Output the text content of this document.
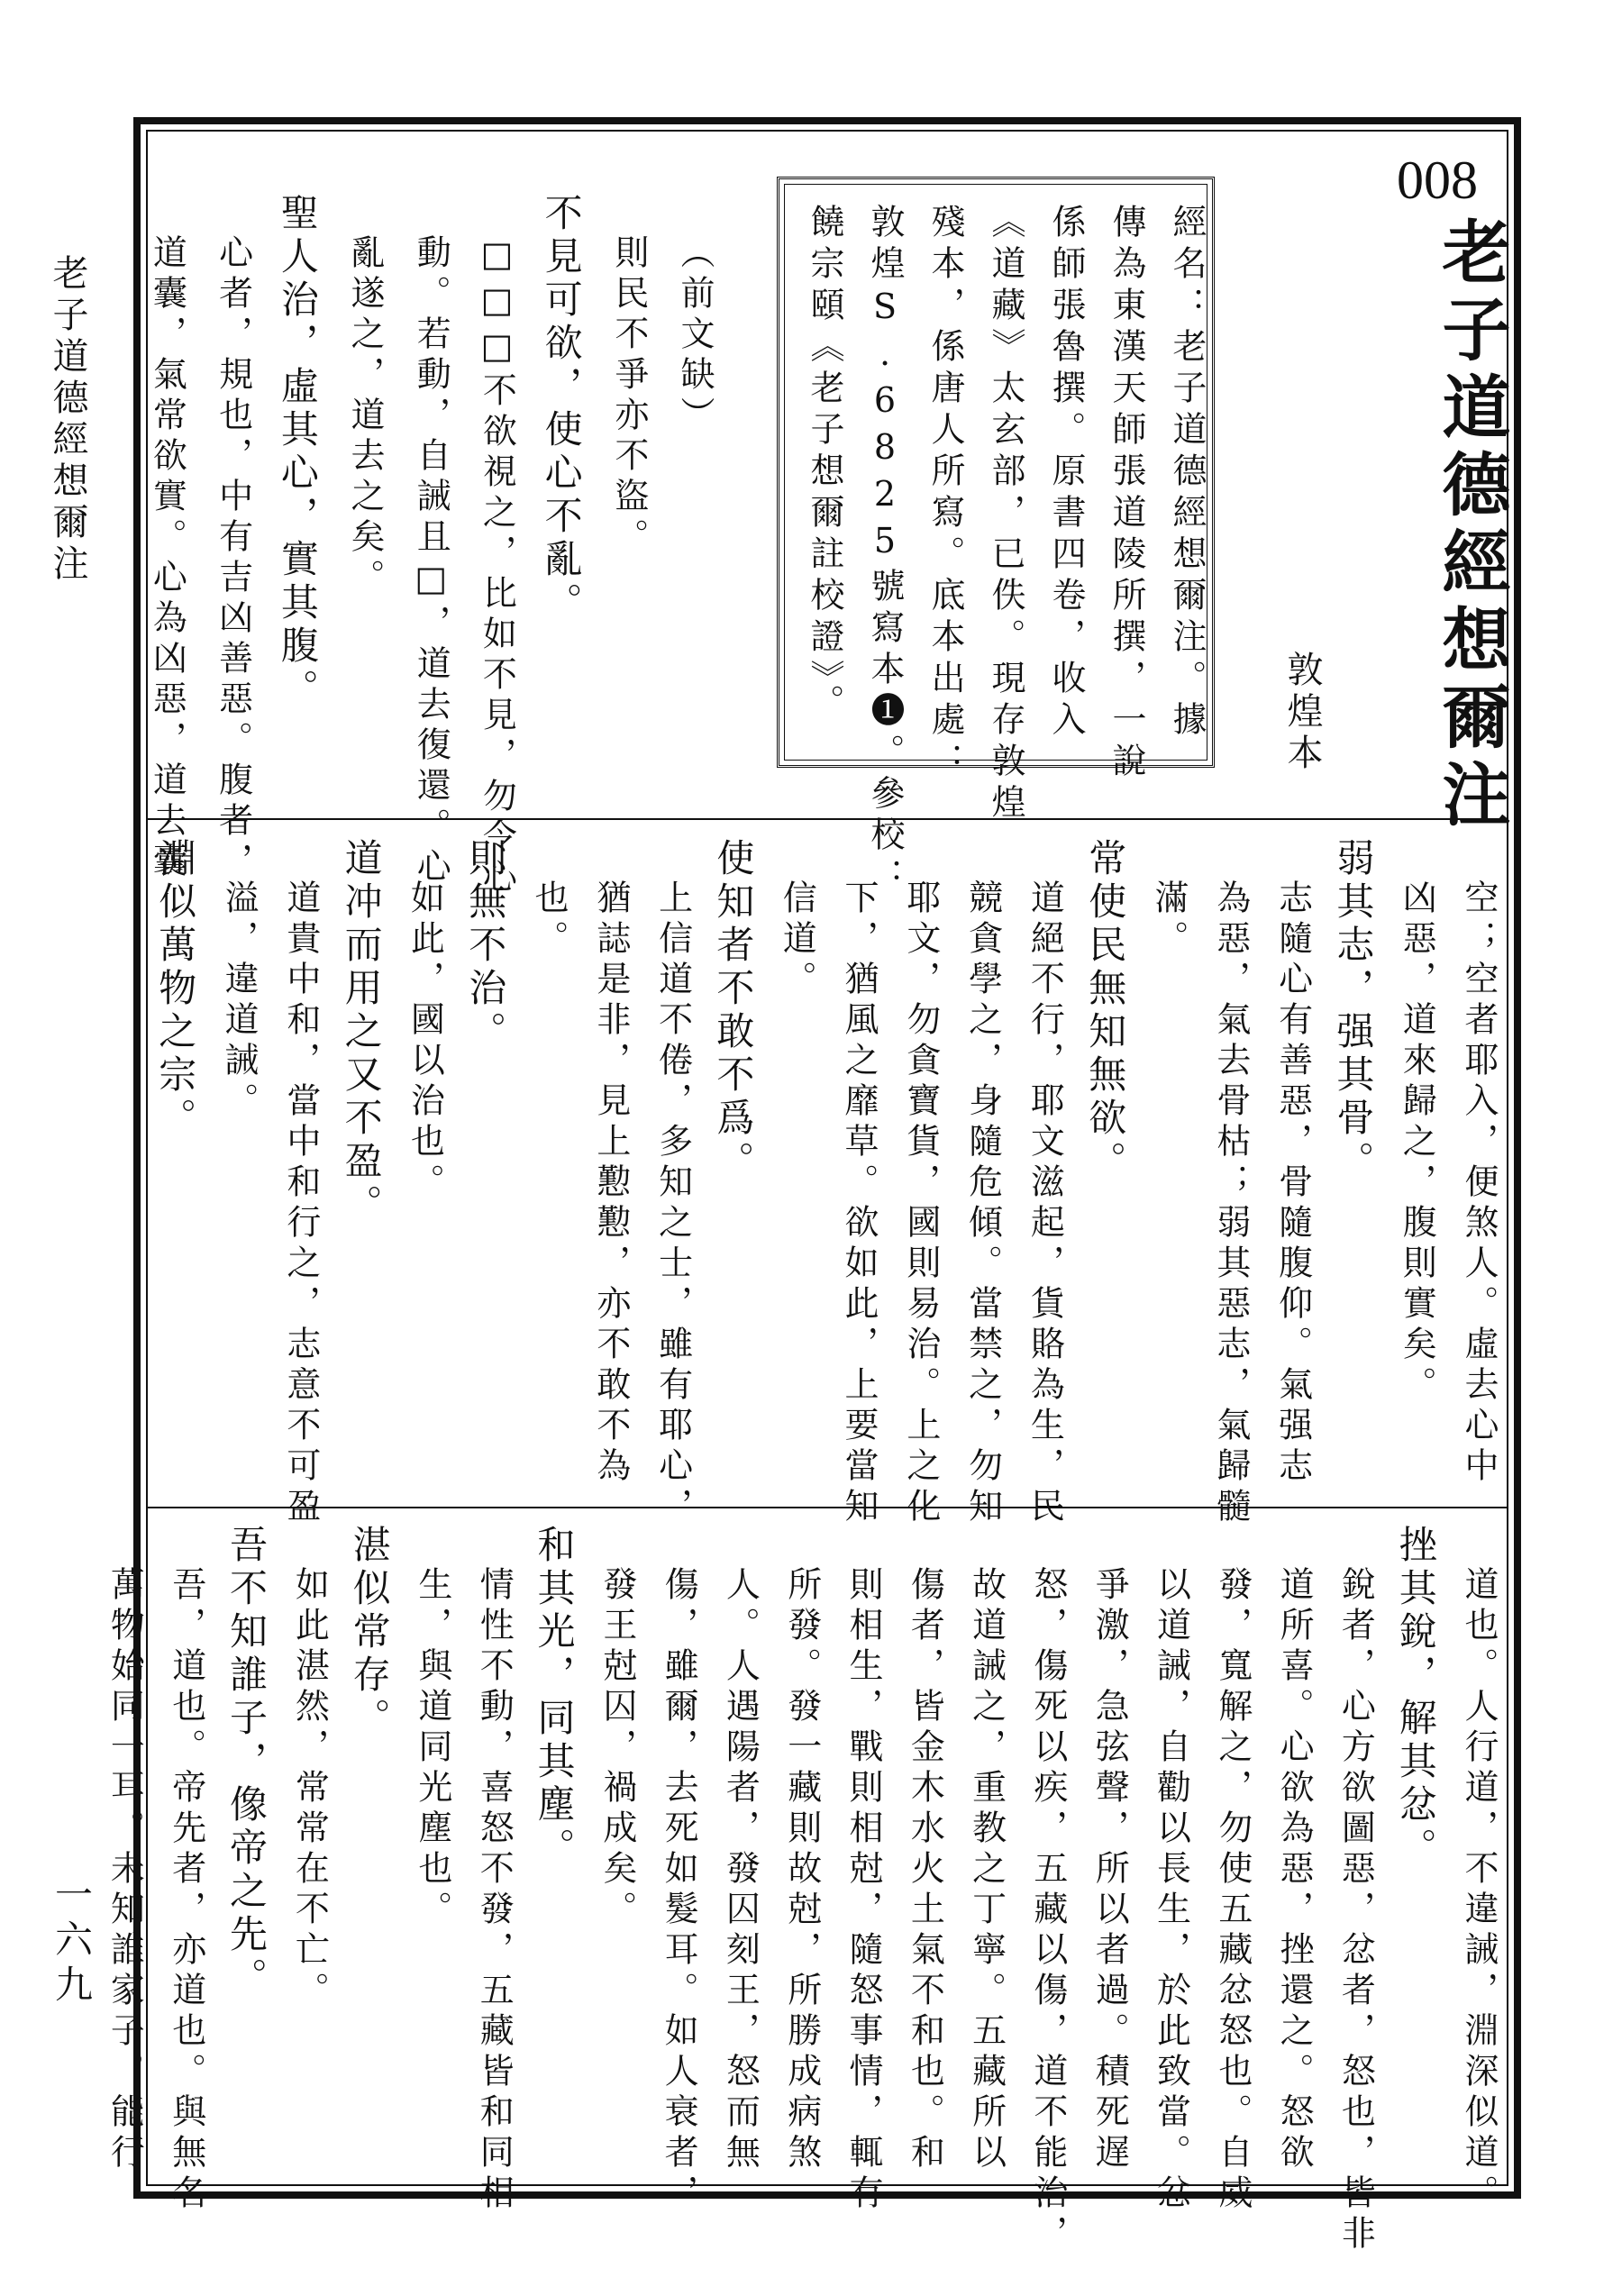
老子道德經想爾注
一六九
008
老子道德經想爾注
敦煌本
經名：老子道德經想爾注。據
傳為東漢天師張道陵所撰，一說
係師張魯撰。原書四卷，收入
《道藏》太玄部，已佚。現存敦煌
殘本，係唐人所寫。底本出處：
敦煌S.6825號寫本❶。參校：
饒宗頤《老子想爾註校證》。
（前文缺）
則民不爭亦不盜。
不見可欲，使心不亂。
□□□不欲視之，比如不見，勿令心
動。若動，自誡且□，道去復還。心
亂遂之，道去之矣。
聖人治，虛其心，實其腹。
心者，規也，中有吉凶善惡。腹者，
道囊，氣常欲實。心為凶惡，道去囊
空；空者耶入，便煞人。虛去心中
凶惡，道來歸之，腹則實矣。
弱其志，强其骨。
志隨心有善惡，骨隨腹仰。氣强志
為惡，氣去骨枯；弱其惡志，氣歸髓
滿。
常使民無知無欲。
道絕不行，耶文滋起，貨賂為生，民
競貪學之，身隨危傾。當禁之，勿知
耶文，勿貪寶貨，國則易治。上之化
下，猶風之靡草。欲如此，上要當知
信道。
使知者不敢不爲。
上信道不倦，多知之士，雖有耶心，
猶誌是非，見上懃懃，亦不敢不為
也。
則無不治。
如此，國以治也。
道冲而用之又不盈。
道貴中和，當中和行之，志意不可盈
溢，違道誡。
淵似萬物之宗。
道也。人行道，不違誡，淵深似道。
挫其銳，解其忿。
銳者，心方欲圖惡，忿者，怒也，皆非
道所喜。心欲為惡，挫還之。怒欲
發，寬解之，勿使五藏忿怒也。自威
以道誡，自勸以長生，於此致當。忿
爭激，急弦聲，所以者過。積死遅
怒，傷死以疾，五藏以傷，道不能治，
故道誡之，重教之丁寧。五藏所以
傷者，皆金木水火土氣不和也。和
則相生，戰則相尅，隨怒事情，輒有
所發。發一藏則故尅，所勝成病煞
人。人遇陽者，發囚刻王，怒而無
傷，雖爾，去死如髮耳。如人衰者，
發王尅囚，禍成矣。
和其光，同其塵。
情性不動，喜怒不發，五藏皆和同相
生，與道同光塵也。
湛似常存。
如此湛然，常常在不亡。
吾不知誰子，像帝之先。
吾，道也。帝先者，亦道也。與無名
萬物始同一耳。未知誰家子，能行
